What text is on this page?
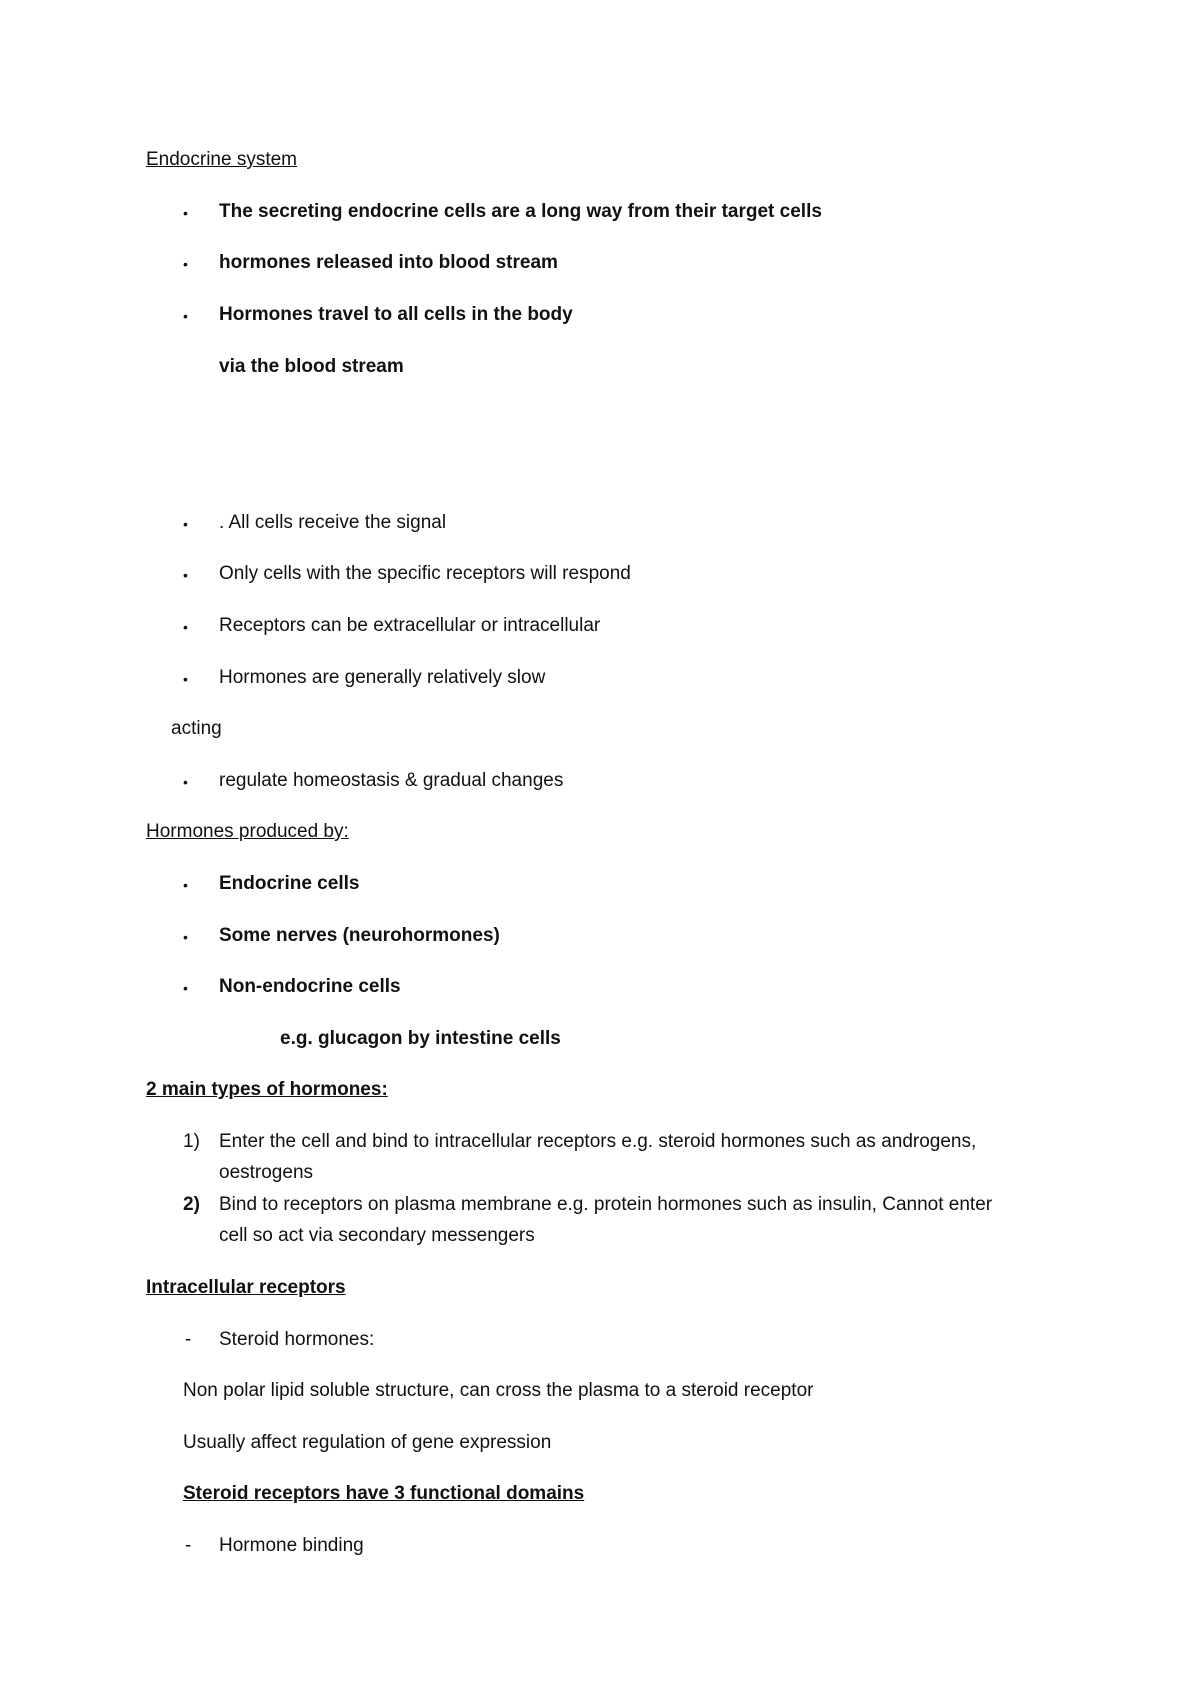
Endocrine system
• The secreting endocrine cells are a long way from their target cells
• hormones released into blood stream
• Hormones travel to all cells in the body
via the blood stream
• . All cells receive the signal
• Only cells with the specific receptors will respond
• Receptors can be extracellular or intracellular
• Hormones are generally relatively slow
acting
• regulate homeostasis & gradual changes
Hormones produced by:
• Endocrine cells
• Some nerves (neurohormones)
• Non-endocrine cells
e.g. glucagon by intestine cells
2 main types of hormones:
1) Enter the cell and bind to intracellular receptors e.g. steroid hormones such as androgens,
oestrogens
2) Bind to receptors on plasma membrane e.g. protein hormones such as insulin, Cannot enter
cell so act via secondary messengers
Intracellular receptors
- Steroid hormones:
Non polar lipid soluble structure, can cross the plasma to a steroid receptor
Usually affect regulation of gene expression
Steroid receptors have 3 functional domains
- Hormone binding
